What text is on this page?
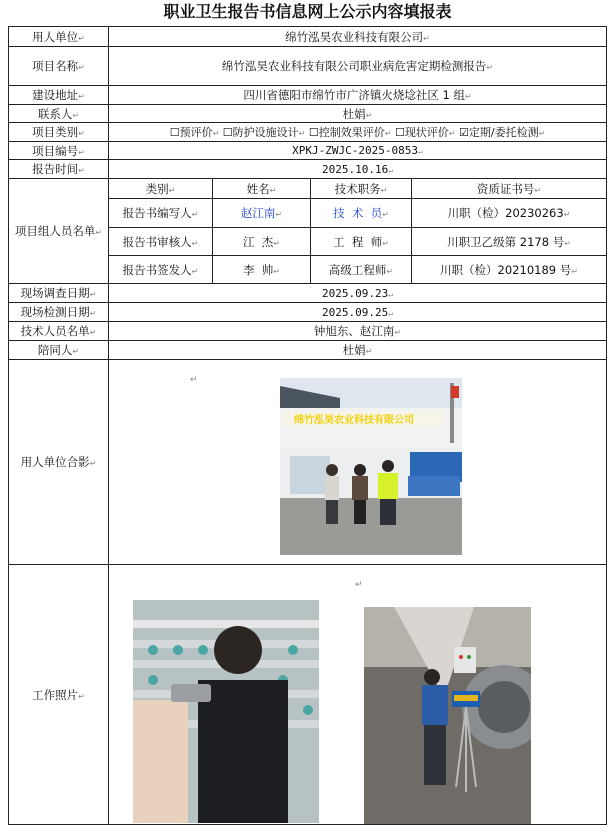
职业卫生报告书信息网上公示内容填报表
用人单位↵	绵竹泓昊农业科技有限公司↵			
项目名称↵	绵竹泓昊农业科技有限公司职业病危害定期检测报告↵			
建设地址↵	四川省德阳市绵竹市广济镇火烧埝社区 1 组↵			
联系人↵	杜娟↵			
项目类别↵	☐预评价↵ ☐防护设施设计↵ ☐控制效果评价↵ ☐现状评价↵ ☑定期/委托检测↵			
项目编号↵	XPKJ-ZWJC-2025-0853↵			
报告时间↵	2025.10.16↵			
项目组人员名单↵	类别↵	姓名↵	技术职务↵	资质证书号↵
	报告书编写人↵	赵江南↵	技  术  员↵	川职（检）20230263↵
	报告书审核人↵	江  杰↵	工  程  师↵	川职卫乙级第 2178 号↵
	报告书签发人↵	李  帅↵	高级工程师↵	川职（检）20210189 号↵
现场调查日期↵	2025.09.23↵			
现场检测日期↵	2025.09.25↵			
技术人员名单↵	钟旭东、赵江南↵			
陪同人↵	杜娟↵			
用人单位合影↵				
工作照片↵				
↵
↵
绵竹泓昊农业科技有限公司
